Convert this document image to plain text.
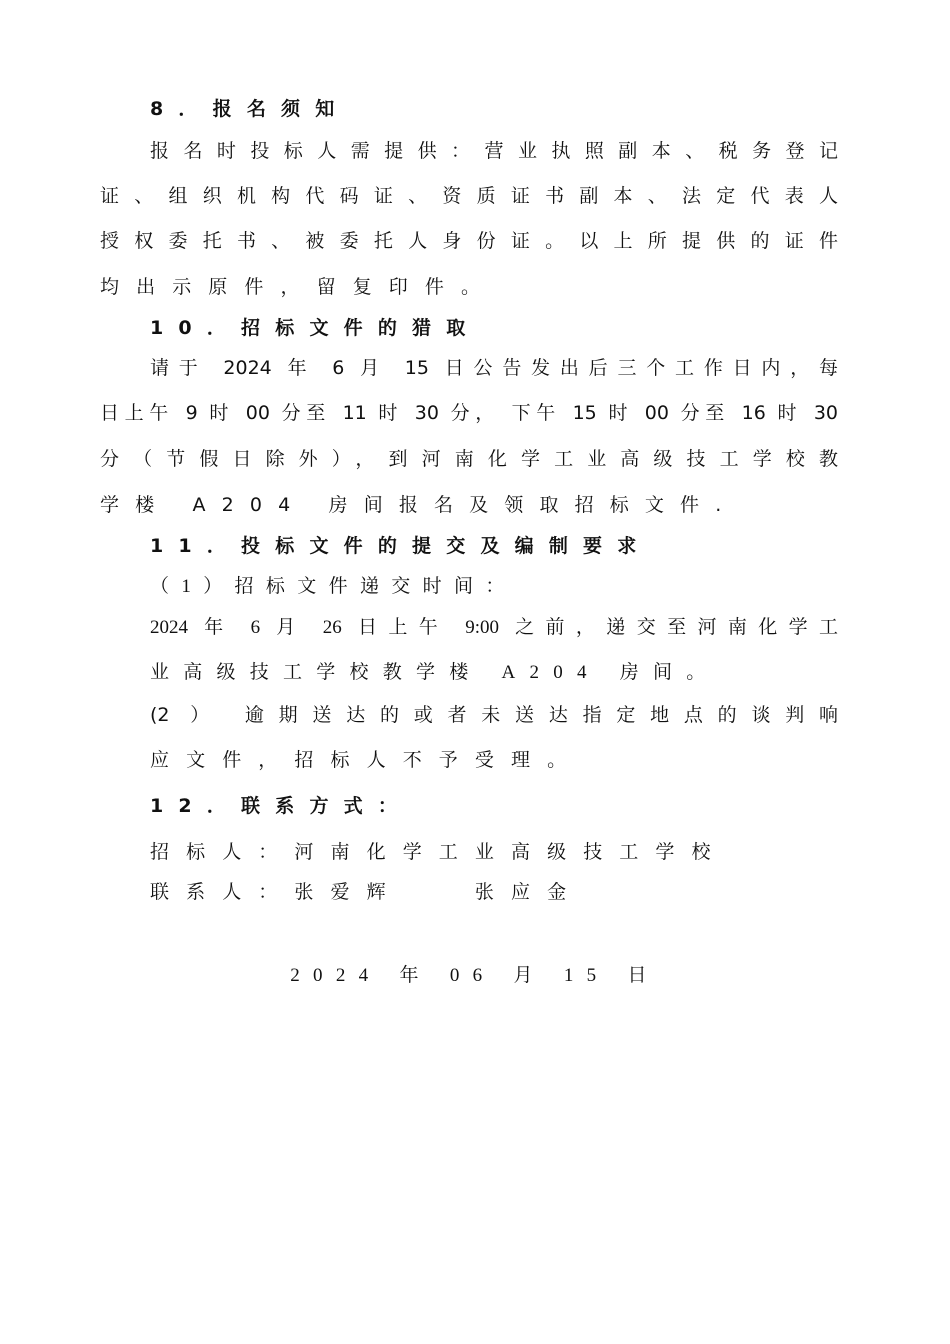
8．报名须知
报名时投标人需提供：营业执照副本、税务登记
证、组织机构代码证、资质证书副本、法定代表人
授权委托书、被委托人身份证。以上所提供的证件
均出示原件，留复印件。
10．招标文件的猎取
请于 2024 年 6 月 15 日公告发出后三个工作日内，每
日上午 9 时 00 分至 11 时 30 分， 下午 15 时 00 分至 16 时 30
分（节假日除外），到河南化学工业高级技工学校教
学楼 A204 房间报名及领取招标文件.
11．投标文件的提交及编制要求
（1）招标文件递交时间：
2024 年 6 月 26 日上午 9:00 之前，递交至河南化学工
业高级技工学校教学楼 A204 房间。
(2 ） 逾期送达的或者未送达指定地点的谈判响
应文件，招标人不予受理。
12．联系方式：
招标人：河南化学工业高级技工学校
联系人：张爱辉　　张应金
2024 年 06 月 15 日
